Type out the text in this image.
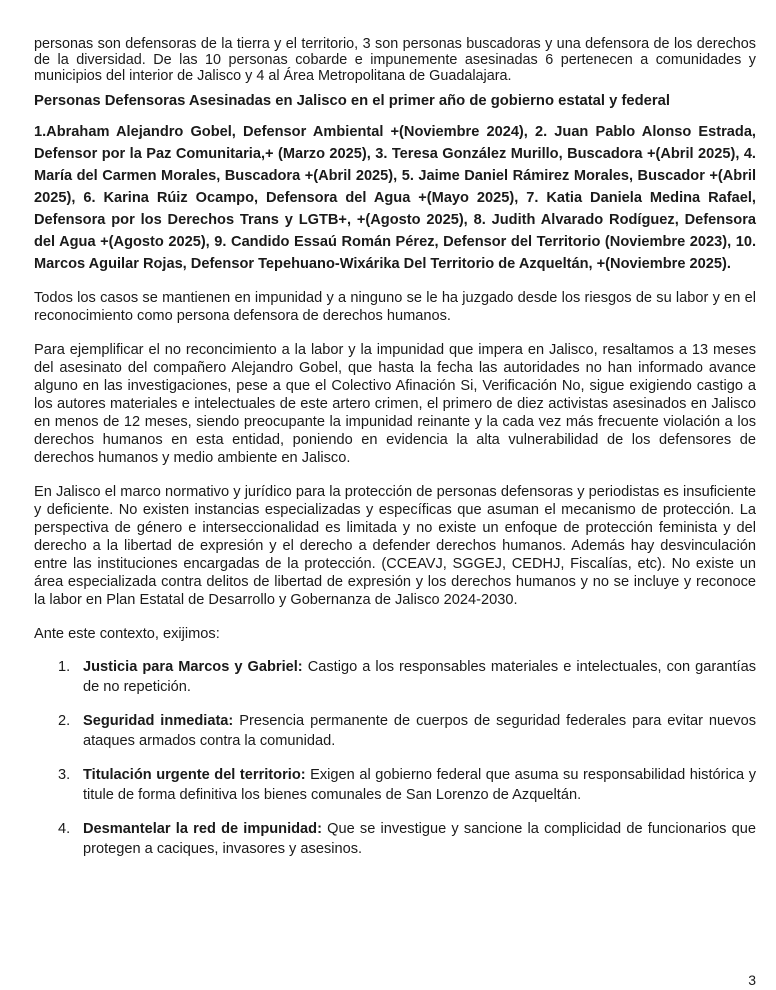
personas son defensoras de la tierra y el territorio, 3 son personas buscadoras y una defensora de los derechos de la diversidad. De las 10 personas cobarde e impunemente asesinadas 6 pertenecen a comunidades y municipios del interior de Jalisco y 4 al Área Metropolitana de Guadalajara.

Personas Defensoras Asesinadas en Jalisco en el primer año de gobierno estatal y federal

1.Abraham Alejandro Gobel, Defensor Ambiental +(Noviembre 2024), 2. Juan Pablo Alonso Estrada, Defensor por la Paz Comunitaria,+ (Marzo 2025), 3. Teresa González Murillo, Buscadora +(Abril 2025), 4. María del Carmen Morales, Buscadora +(Abril 2025), 5. Jaime Daniel Rámirez Morales, Buscador +(Abril 2025), 6. Karina Rúiz Ocampo, Defensora del Agua +(Mayo 2025), 7. Katia Daniela Medina Rafael, Defensora por los Derechos Trans y LGTB+, +(Agosto 2025), 8. Judith Alvarado Rodíguez, Defensora del Agua +(Agosto 2025), 9. Candido Essaú Román Pérez, Defensor del Territorio (Noviembre 2023), 10. Marcos Aguilar Rojas, Defensor Tepehuano-Wixárika Del Territorio de Azqueltán, +(Noviembre 2025).

Todos los casos se mantienen en impunidad y a ninguno se le ha juzgado desde los riesgos de su labor y en el reconocimiento como persona defensora de derechos humanos.

Para ejemplificar el no reconcimiento a la labor y la impunidad que impera en Jalisco, resaltamos a 13 meses del asesinato del compañero Alejandro Gobel, que hasta la fecha las autoridades no han informado avance alguno en las investigaciones, pese a que el Colectivo Afinación Si, Verificación No, sigue exigiendo castigo a los autores materiales e intelectuales de este artero crimen, el primero de diez activistas asesinados en Jalisco en menos de 12 meses, siendo preocupante la impunidad reinante y la cada vez más frecuente violación a los derechos humanos en esta entidad, poniendo en evidencia la alta vulnerabilidad de los defensores de derechos humanos y medio ambiente en Jalisco.

En Jalisco el marco normativo y jurídico para la protección de personas defensoras y periodistas es insuficiente y deficiente. No existen instancias especializadas y específicas que asuman el mecanismo de protección. La perspectiva de género e interseccionalidad es limitada y no existe un enfoque de protección feminista y del derecho a la libertad de expresión y el derecho a defender derechos humanos. Además hay desvinculación entre las instituciones encargadas de la protección. (CCEAVJ, SGGEJ, CEDHJ, Fiscalías, etc). No existe un área especializada contra delitos de libertad de expresión y los derechos humanos y no se incluye y reconoce la labor en Plan Estatal de Desarrollo y Gobernanza de Jalisco 2024-2030.

Ante este contexto, exijimos:

1. Justicia para Marcos y Gabriel: Castigo a los responsables materiales e intelectuales, con garantías de no repetición.
2. Seguridad inmediata: Presencia permanente de cuerpos de seguridad federales para evitar nuevos ataques armados contra la comunidad.
3. Titulación urgente del territorio: Exigen al gobierno federal que asuma su responsabilidad histórica y titule de forma definitiva los bienes comunales de San Lorenzo de Azqueltán.
4. Desmantelar la red de impunidad: Que se investigue y sancione la complicidad de funcionarios que protegen a caciques, invasores y asesinos.
3
